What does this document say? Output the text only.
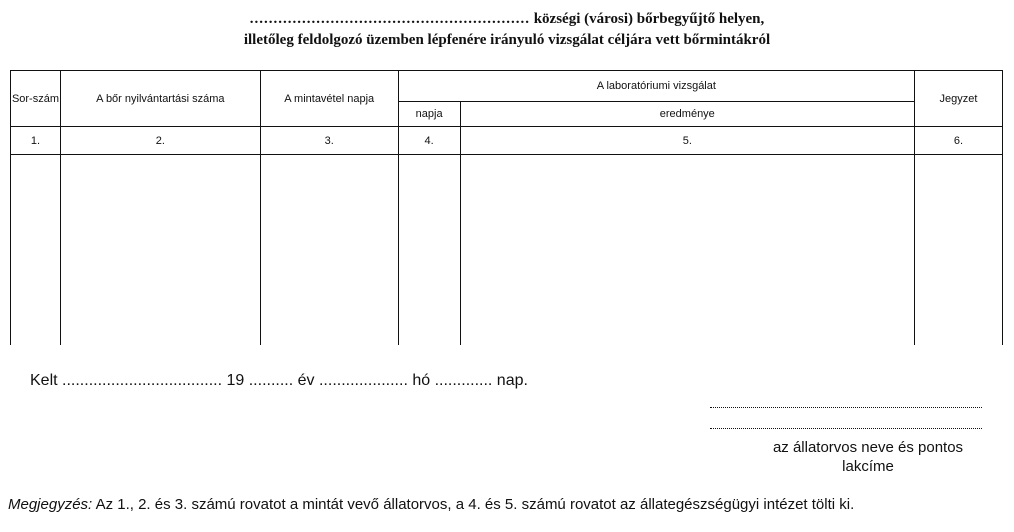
........................................................... községi (városi) bőrbegyűjtő helyen,
illetőleg feldolgozó üzemben lépfenére irányuló vizsgálat céljára vett bőrmintákról
Sor-szám	A bőr nyilvántartási száma	A mintavétel napja	A laboratóriumi vizsgálat		Jegyzet
			napja	eredménye	
1.	2.	3.	4.	5.	6.

Kelt .................................... 19 .......... év .................... hó ............. nap.
az állatorvos neve és pontos lakcíme
Megjegyzés: Az 1., 2. és 3. számú rovatot a mintát vevő állatorvos, a 4. és 5. számú rovatot az állategészségügyi intézet tölti ki.
